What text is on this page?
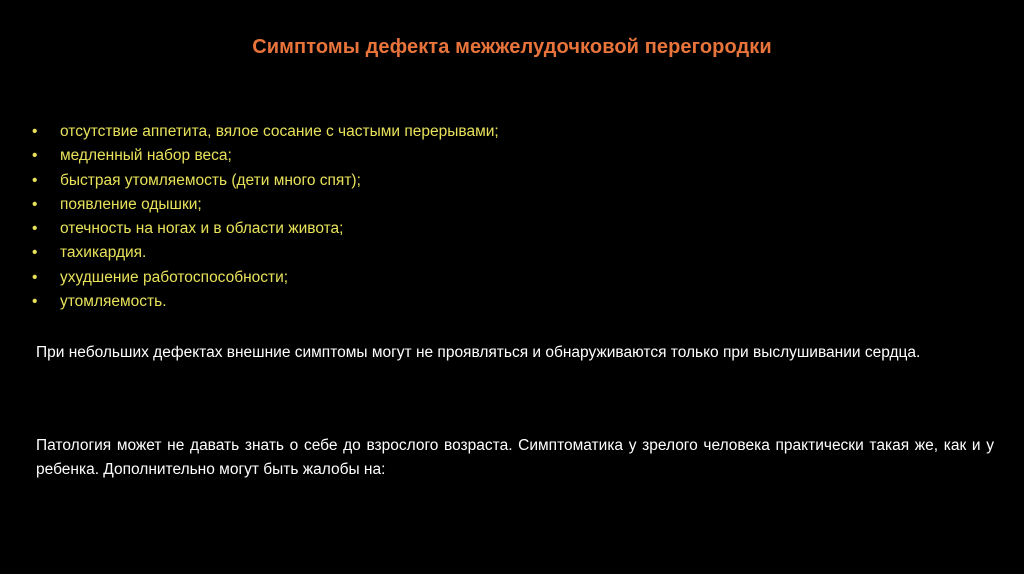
Симптомы дефекта межжелудочковой перегородки
• отсутствие аппетита, вялое сосание с частыми перерывами;
• медленный набор веса;
• быстрая утомляемость (дети много спят);
• появление одышки;
• отечность на ногах и в области живота;
• тахикардия.
• ухудшение работоспособности;
• утомляемость.

При небольших дефектах внешние симптомы могут не проявляться и обнаруживаются только при выслушивании сердца.

Патология может не давать знать о себе до взрослого возраста. Симптоматика у зрелого человека практически такая же, как и у ребенка. Дополнительно могут быть жалобы на:
